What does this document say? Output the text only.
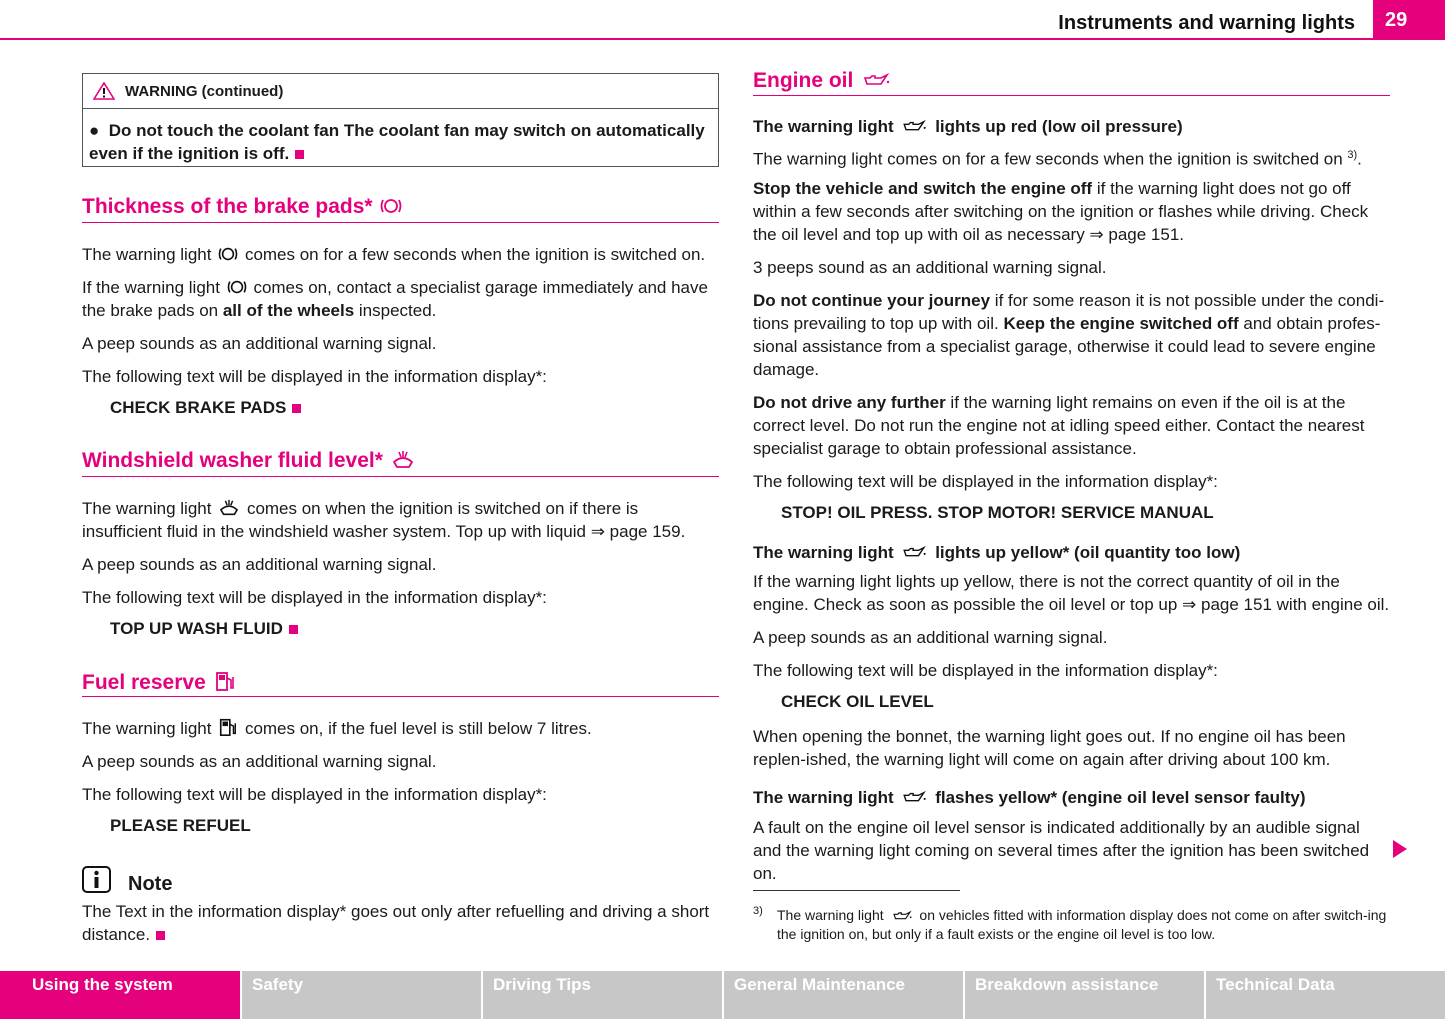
Instruments and warning lights	29
WARNING (continued)
●  Do not touch the coolant fan The coolant fan may switch on automatically even if the ignition is off.
Thickness of the brake pads*

The warning light comes on for a few seconds when the ignition is switched on.

If the warning light comes on, contact a specialist garage immediately and have the brake pads on all of the wheels inspected.

A peep sounds as an additional warning signal.

The following text will be displayed in the information display*:

CHECK BRAKE PADS

Windshield washer fluid level*

The warning light comes on when the ignition is switched on if there is insufficient fluid in the windshield washer system. Top up with liquid ⇒ page 159.

A peep sounds as an additional warning signal.

The following text will be displayed in the information display*:

TOP UP WASH FLUID

Fuel reserve

The warning light comes on, if the fuel level is still below 7 litres.

A peep sounds as an additional warning signal.

The following text will be displayed in the information display*:

PLEASE REFUEL

Note

The Text in the information display* goes out only after refuelling and driving a short distance.

Engine oil

The warning light lights up red (low oil pressure)

The warning light comes on for a few seconds when the ignition is switched on $^{3)}$.

Stop the vehicle and switch the engine off if the warning light does not go off within a few seconds after switching on the ignition or flashes while driving. Check the oil level and top up with oil as necessary ⇒ page 151.

3 peeps sound as an additional warning signal.

Do not continue your journey if for some reason it is not possible under the condi-tions prevailing to top up with oil. Keep the engine switched off and obtain profes-sional assistance from a specialist garage, otherwise it could lead to severe engine damage.

Do not drive any further if the warning light remains on even if the oil is at the correct level. Do not run the engine not at idling speed either. Contact the nearest specialist garage to obtain professional assistance.

The following text will be displayed in the information display*:

STOP! OIL PRESS. STOP MOTOR! SERVICE MANUAL

The warning light lights up yellow* (oil quantity too low)

If the warning light lights up yellow, there is not the correct quantity of oil in the engine. Check as soon as possible the oil level or top up ⇒ page 151 with engine oil.

A peep sounds as an additional warning signal.

The following text will be displayed in the information display*:

CHECK OIL LEVEL

When opening the bonnet, the warning light goes out. If no engine oil has been replen-ished, the warning light will come on again after driving about 100 km.

The warning light flashes yellow* (engine oil level sensor faulty)

A fault on the engine oil level sensor is indicated additionally by an audible signal and the warning light coming on several times after the ignition has been switched on.

3) The warning light	on vehicles fitted with information display does not come on after switch-ing the ignition on, but only if a fault exists or the engine oil level is too low.
Using the system	Safety	Driving Tips	General Maintenance	Breakdown assistance	Technical Data
